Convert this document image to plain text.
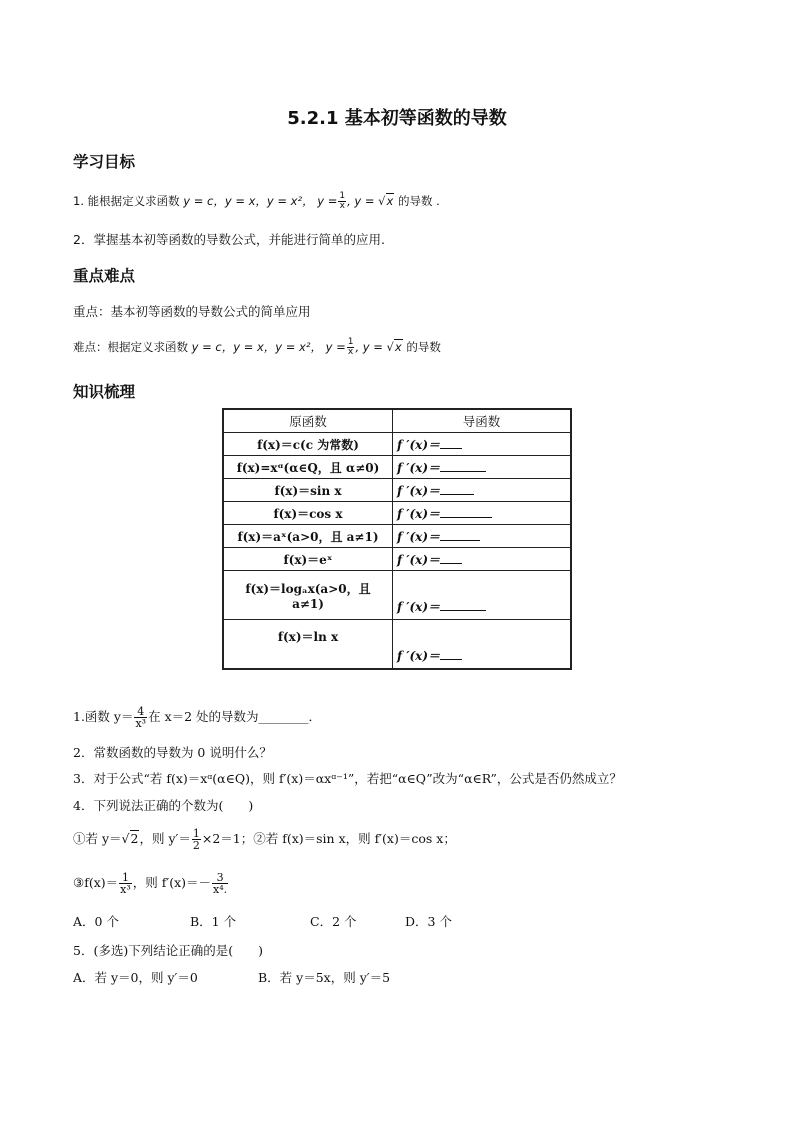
5.2.1 基本初等函数的导数
学习目标
1. 能根据定义求函数 y = c，y = x，y = x²， $y = \frac{1}{x}$ , y = √x 的导数 .
2．掌握基本初等函数的导数公式，并能进行简单的应用.
重点难点
重点：基本初等函数的导数公式的简单应用
难点：根据定义求函数 y = c，y = x，y = x²， $y = \frac{1}{x}$ , y = √x 的导数
知识梳理
原函数	导函数
f(x)＝c(c 为常数)	f ′(x)＝
f(x)=xᵅ(α∈Q，且 α≠0)	f ′(x)＝
f(x)＝sin x	f ′(x)＝
f(x)＝cos x	f ′(x)＝
f(x)＝aˣ(a>0，且 a≠1)	f ′(x)＝
f(x)＝eˣ	f ′(x)＝
f(x)＝logₐx(a>0，且 a≠1)	f ′(x)＝
f(x)＝ln x	f ′(x)＝
1.函数 $y= \frac{4}{\text{x³}}$ 在 x＝2 处的导数为________．
2．常数函数的导数为 0 说明什么？
3．对于公式“若 f(x)＝xᵅ(α∈Q)，则 f′(x)＝αxᵅ⁻¹”，若把“α∈Q”改为“α∈R”，公式是否仍然成立？
4．下列说法正确的个数为(　　)
①若 y＝√2，则 $y'= \frac{1}{2} \times 2=1$；②若 f(x)＝sin x，则 f′(x)＝cos x；
③f(x)＝ $\frac{1}{\text{x³}}$ ，则 $f'(x)=- \frac{3}{\text{x⁴.}}$
A．0 个	B．1 个	C．2 个	D．3 个
5．(多选)下列结论正确的是(　　)
A．若 y＝0，则 y′＝0	B．若 y＝5x，则 y′＝5
